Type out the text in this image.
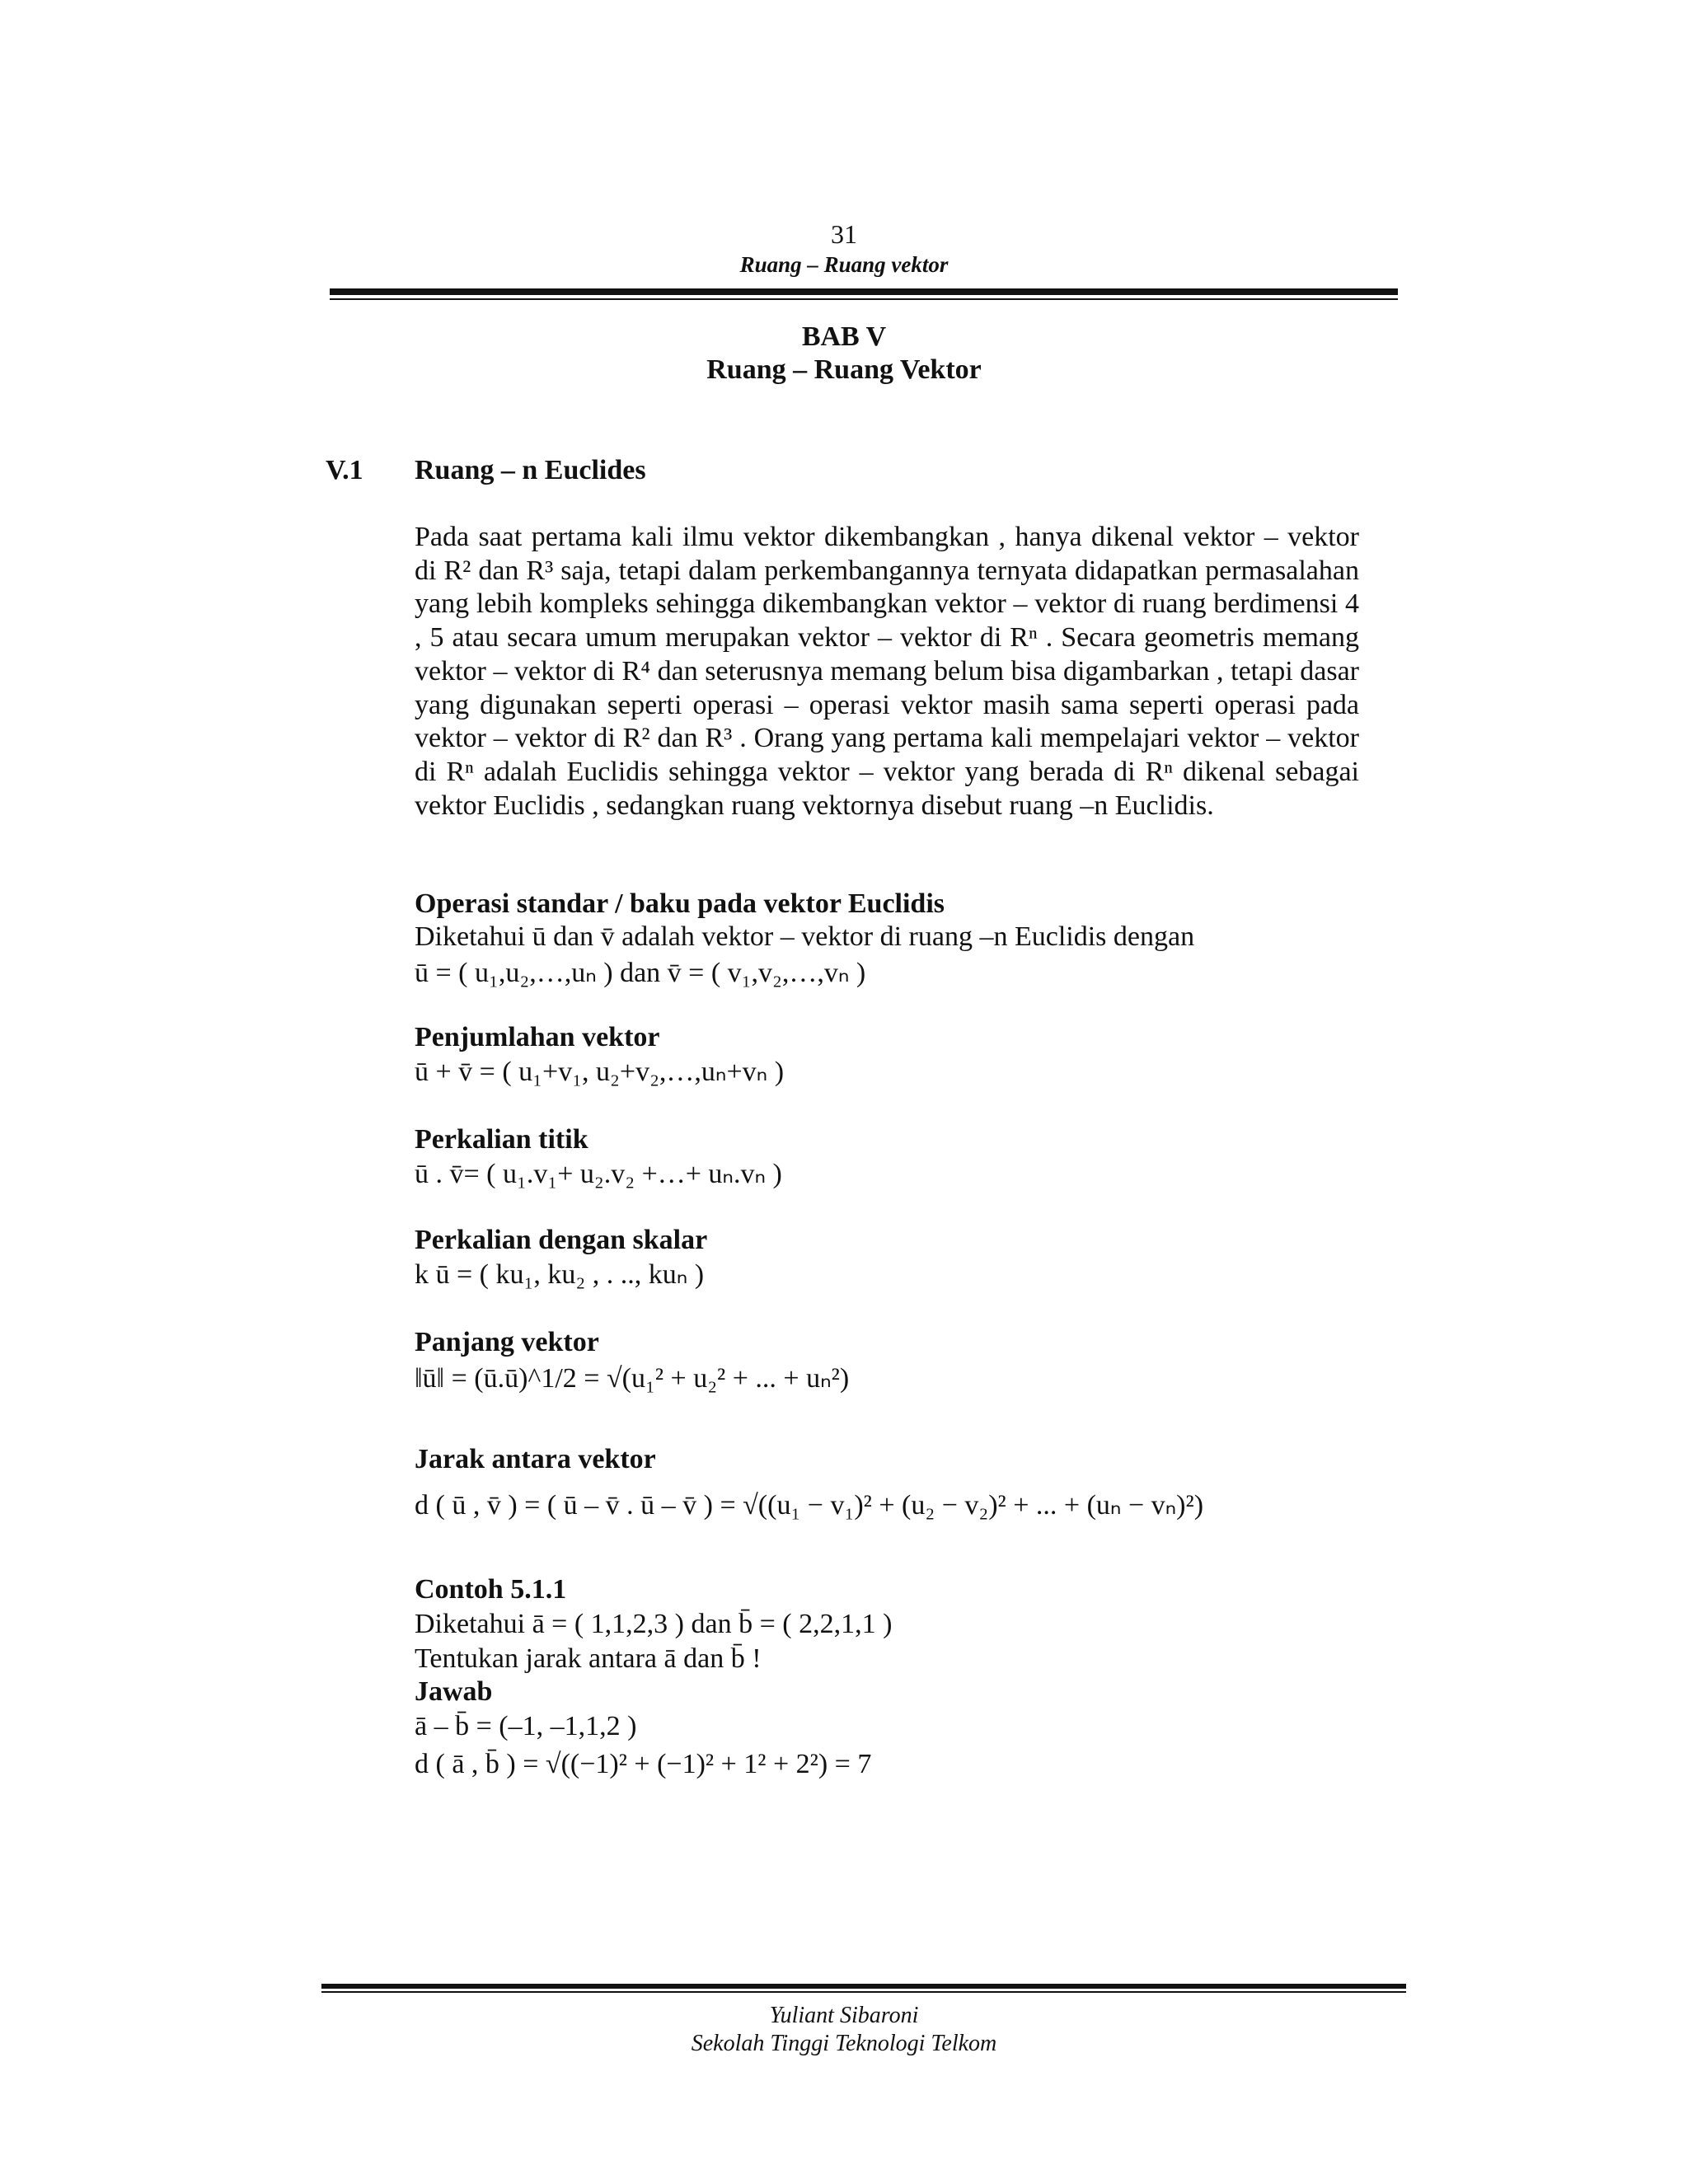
31
Ruang – Ruang vektor
BAB V
Ruang – Ruang Vektor
V.1 Ruang – n Euclides

Pada saat pertama kali ilmu vektor dikembangkan , hanya dikenal vektor – vektor di R² dan R³ saja, tetapi dalam perkembangannya ternyata didapatkan permasalahan yang lebih kompleks sehingga dikembangkan vektor – vektor di ruang berdimensi 4 , 5 atau secara umum merupakan vektor – vektor di Rⁿ . Secara geometris memang vektor – vektor di R⁴ dan seterusnya memang belum bisa digambarkan , tetapi dasar yang digunakan seperti operasi – operasi vektor masih sama seperti operasi pada vektor – vektor di R² dan R³ . Orang yang pertama kali mempelajari vektor – vektor di Rⁿ adalah Euclidis sehingga vektor – vektor yang berada di Rⁿ dikenal sebagai vektor Euclidis , sedangkan ruang vektornya disebut ruang –n Euclidis.

Operasi standar / baku pada vektor Euclidis
Diketahui ū dan v̄ adalah vektor – vektor di ruang –n Euclidis dengan
ū = ( u₁,u₂,…,uₙ ) dan v̄ = ( v₁,v₂,…,vₙ )
Penjumlahan vektor
ū + v̄ = ( u₁+v₁, u₂+v₂,…,uₙ+vₙ )
Perkalian titik
ū . v̄= ( u₁.v₁+ u₂.v₂ +…+ uₙ.vₙ )
Perkalian dengan skalar
k ū = ( ku₁, ku₂ , . .., kuₙ )
Panjang vektor
‖ū‖ = (ū.ū)^1/2 = √(u₁² + u₂² + ... + uₙ²)
Jarak antara vektor
d ( ū , v̄ ) = ( ū – v̄ . ū – v̄ ) = √((u₁ − v₁)² + (u₂ − v₂)² + ... + (uₙ − vₙ)²)
Contoh 5.1.1
Diketahui ā = ( 1,1,2,3 ) dan b̄ = ( 2,2,1,1 )
Tentukan jarak antara ā dan b̄ !
Jawab
ā – b̄ = (–1, –1,1,2 )
d ( ā , b̄ ) = √((−1)² + (−1)² + 1² + 2²) = 7
Yuliant Sibaroni
Sekolah Tinggi Teknologi Telkom
